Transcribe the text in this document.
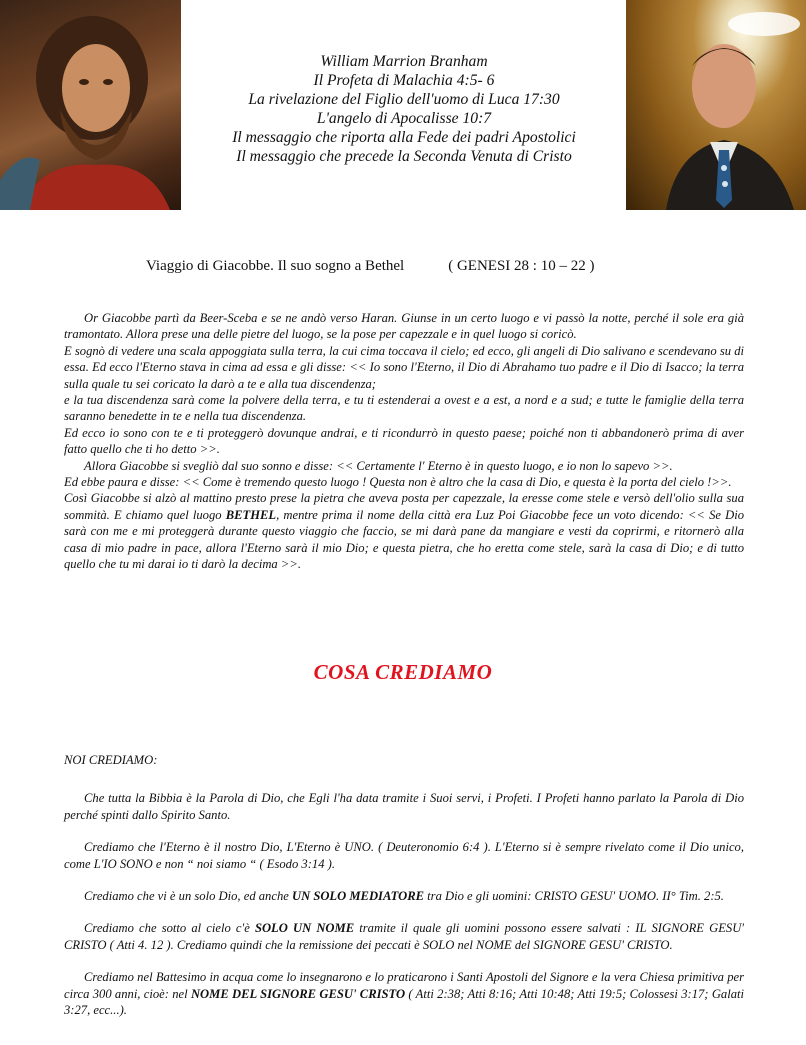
William Marrion Branham
Il Profeta di Malachia 4:5- 6
La rivelazione del Figlio dell'uomo di Luca 17:30
L'angelo di Apocalisse 10:7
Il messaggio che riporta alla Fede dei padri Apostolici
Il messaggio che precede la Seconda Venuta di Cristo
Viaggio di Giacobbe. Il suo sogno a Bethel	( GENESI 28 : 10 – 22 )

Or Giacobbe partì da Beer-Sceba e se ne andò verso Haran. Giunse in un certo luogo e vi passò la notte, perché il sole era già tramontato. Allora prese una delle pietre del luogo, se la pose per capezzale e in quel luogo si coricò.

E sognò di vedere una scala appoggiata sulla terra, la cui cima toccava il cielo; ed ecco, gli angeli di Dio salivano e scendevano su di essa. Ed ecco l'Eterno stava in cima ad essa e gli disse: << Io sono l'Eterno, il Dio di Abrahamo tuo padre e il Dio di Isacco; la terra sulla quale tu sei coricato la darò a te e alla tua discendenza;

e la tua discendenza sarà come la polvere della terra, e tu ti estenderai a ovest e a est, a nord e a sud; e tutte le famiglie della terra saranno benedette in te e nella tua discendenza.

Ed ecco io sono con te e ti proteggerò dovunque andrai, e ti ricondurrò in questo paese; poiché non ti abbandonerò prima di aver fatto quello che ti ho detto >>.

Allora Giacobbe si svegliò dal suo sonno e disse: << Certamente l' Eterno è in questo luogo, e io non lo sapevo >>.

Ed ebbe paura e disse: << Come è tremendo questo luogo ! Questa non è altro che la casa di Dio, e questa è la porta del cielo !>>.

Così Giacobbe si alzò al mattino presto prese la pietra che aveva posta per capezzale, la eresse come stele e versò dell'olio sulla sua sommità. E chiamo quel luogo BETHEL, mentre prima il nome della città era Luz Poi Giacobbe fece un voto dicendo: << Se Dio sarà con me e mi proteggerà durante questo viaggio che faccio, se mi darà pane da mangiare e vesti da coprirmi, e ritornerò alla casa di mio padre in pace, allora l'Eterno sarà il mio Dio; e questa pietra, che ho eretta come stele, sarà la casa di Dio; e di tutto quello che tu mi darai io ti darò la decima >>.

COSA CREDIAMO

NOI CREDIAMO:

Che tutta la Bibbia è la Parola di Dio, che Egli l'ha data tramite i Suoi servi, i Profeti. I Profeti hanno parlato la Parola di Dio perché spinti dallo Spirito Santo.

Crediamo che l'Eterno è il nostro Dio, L'Eterno è UNO. ( Deuteronomio 6:4 ). L'Eterno si è sempre rivelato come il Dio unico, come L'IO SONO e non “ noi siamo “ ( Esodo 3:14 ).

Crediamo che vi è un solo Dio, ed anche UN SOLO MEDIATORE tra Dio e gli uomini: CRISTO GESU' UOMO. II° Tim. 2:5.

Crediamo che sotto al cielo c'è SOLO UN NOME tramite il quale gli uomini possono essere salvati : IL SIGNORE GESU' CRISTO ( Atti 4. 12 ). Crediamo quindi che la remissione dei peccati è SOLO nel NOME del SIGNORE GESU' CRISTO.

Crediamo nel Battesimo in acqua come lo insegnarono e lo praticarono i Santi Apostoli del Signore e la vera Chiesa primitiva per circa 300 anni, cioè: nel NOME DEL SIGNORE GESU' CRISTO ( Atti 2:38; Atti 8:16; Atti 10:48; Atti 19:5; Colossesi 3:17; Galati 3:27, ecc...).
